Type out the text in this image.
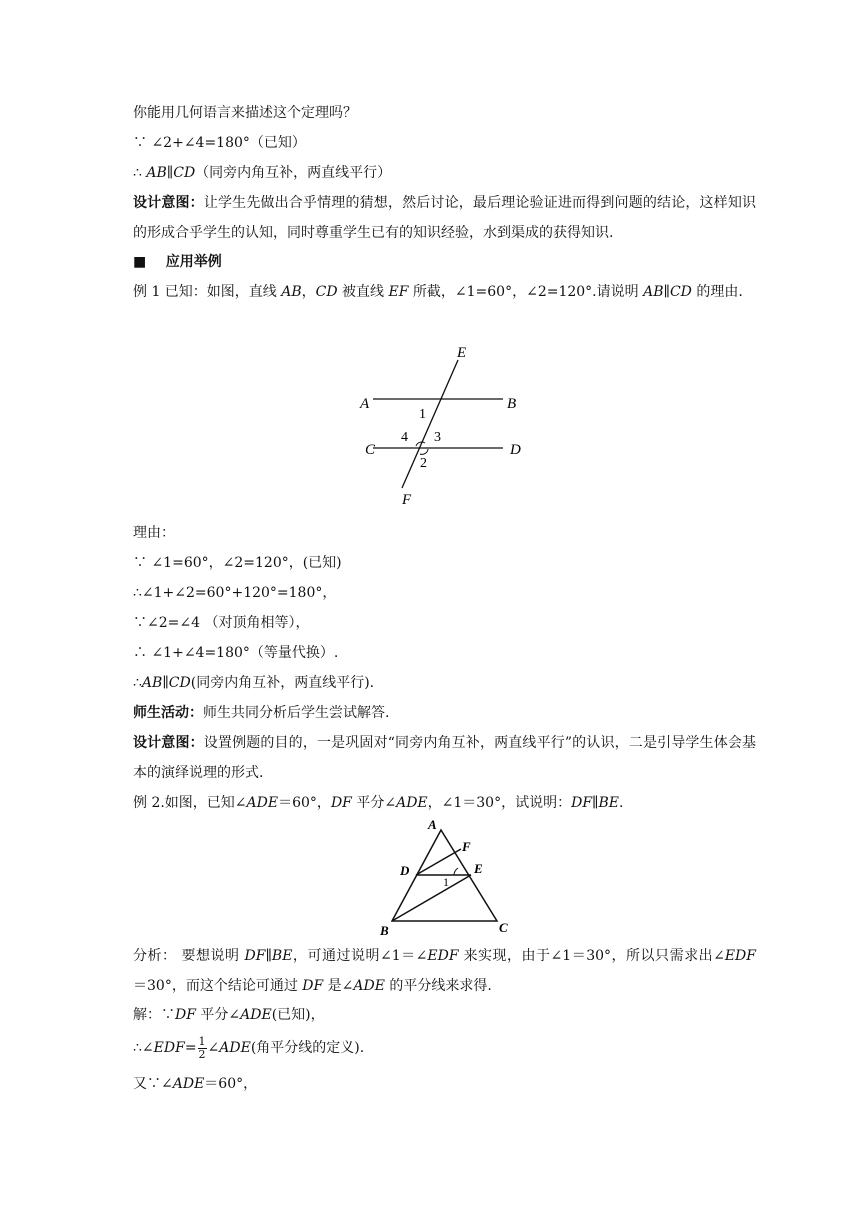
你能用几何语言来描述这个定理吗？
∵ ∠2+∠4=180°（已知）
∴ AB∥CD（同旁内角互补，两直线平行）
设计意图：让学生先做出合乎情理的猜想，然后讨论，最后理论验证进而得到问题的结论，这样知识的形成合乎学生的认知，同时尊重学生已有的知识经验，水到渠成的获得知识.
■ 应用举例
例 1 已知：如图，直线 AB，CD 被直线 EF 所截，∠1=60°，∠2=120°.请说明 AB∥CD 的理由.
E
A	B
1
4 3
C	D
2
F
理由：
∵ ∠1=60°，∠2=120°，(已知)
∴∠1+∠2=60°+120°=180°，
∵∠2=∠4 （对顶角相等），
∴ ∠1+∠4=180°（等量代换）.
∴AB∥CD(同旁内角互补，两直线平行).
师生活动：师生共同分析后学生尝试解答.
设计意图：设置例题的目的，一是巩固对“同旁内角互补，两直线平行”的认识，二是引导学生体会基本的演绎说理的形式.
例 2.如图，已知∠ADE＝60°，DF 平分∠ADE，∠1＝30°，试说明：DF∥BE.
A
F
D	E
1
B	C
分析： 要想说明 DF∥BE，可通过说明∠1＝∠EDF 来实现，由于∠1＝30°，所以只需求出∠EDF ＝30°，而这个结论可通过 DF 是∠ADE 的平分线来求得.
解：∵DF 平分∠ADE(已知)，
∴∠EDF= $\frac{1}{2}$ ∠ADE(角平分线的定义).
又∵∠ADE＝60°，
